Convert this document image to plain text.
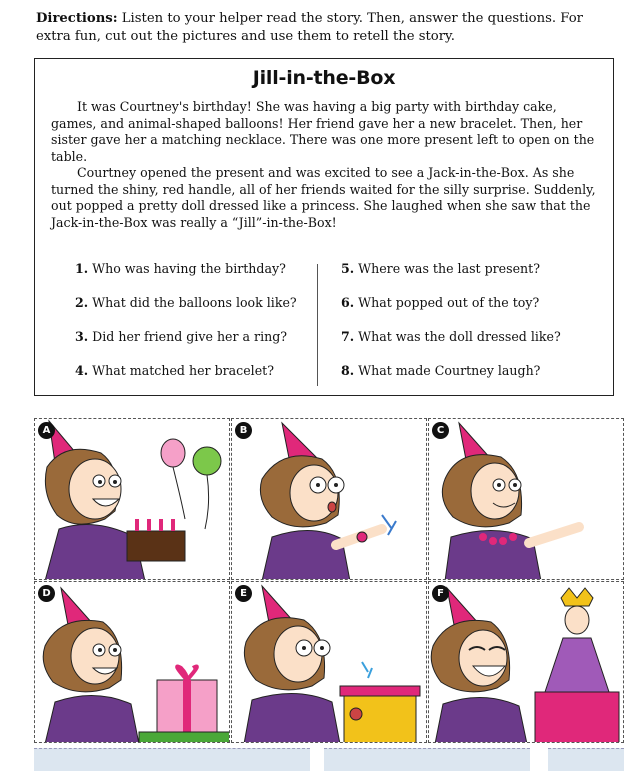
Directions: Listen to your helper read the story. Then, answer the questions. For extra fun, cut out the pictures and use them to retell the story.
Jill-in-the-Box
It was Courtney's birthday! She was having a big party with birthday cake, games, and animal-shaped balloons! Her friend gave her a new bracelet. Then, her sister gave her a matching necklace. There was one more present left to open on the table.
Courtney opened the present and was excited to see a Jack-in-the-Box. As she turned the shiny, red handle, all of her friends waited for the silly surprise. Suddenly, out popped a pretty doll dressed like a princess. She laughed when she saw that the Jack-in-the-Box was really a “Jill”-in-the-Box!
1. Who was having the birthday?
2. What did the balloons look like?
3. Did her friend give her a ring?
4. What matched her bracelet?
5. Where was the last present?
6. What popped out of the toy?
7. What was the doll dressed like?
8. What made Courtney laugh?
A	B	C
D	E	F
